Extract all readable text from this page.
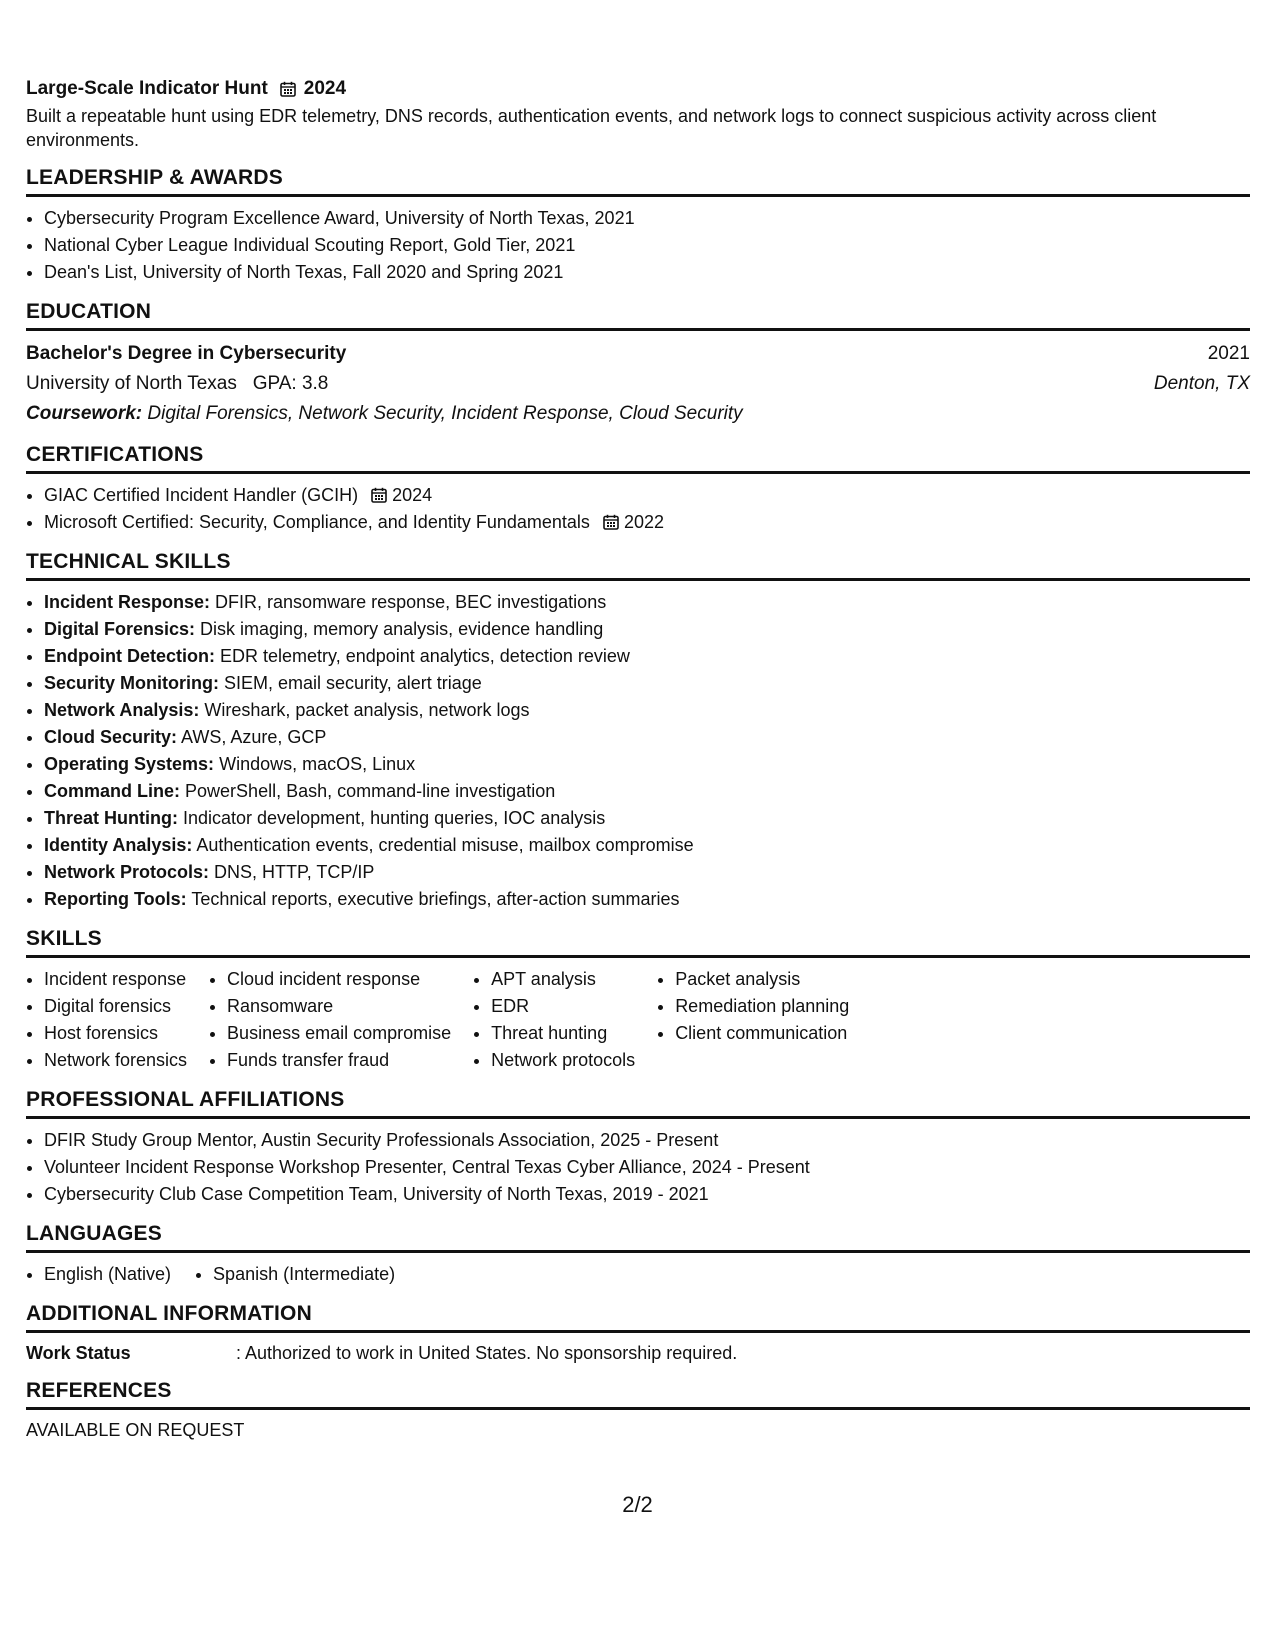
Large-Scale Indicator Hunt 2024
Built a repeatable hunt using EDR telemetry, DNS records, authentication events, and network logs to connect suspicious activity across client environments.
LEADERSHIP & AWARDS
• Cybersecurity Program Excellence Award, University of North Texas, 2021
• National Cyber League Individual Scouting Report, Gold Tier, 2021
• Dean's List, University of North Texas, Fall 2020 and Spring 2021
EDUCATION
Bachelor's Degree in Cybersecurity	2021
University of North Texas GPA: 3.8	Denton, TX
Coursework: Digital Forensics, Network Security, Incident Response, Cloud Security
CERTIFICATIONS
• GIAC Certified Incident Handler (GCIH) 2024
• Microsoft Certified: Security, Compliance, and Identity Fundamentals 2022
TECHNICAL SKILLS
• Incident Response: DFIR, ransomware response, BEC investigations
• Digital Forensics: Disk imaging, memory analysis, evidence handling
• Endpoint Detection: EDR telemetry, endpoint analytics, detection review
• Security Monitoring: SIEM, email security, alert triage
• Network Analysis: Wireshark, packet analysis, network logs
• Cloud Security: AWS, Azure, GCP
• Operating Systems: Windows, macOS, Linux
• Command Line: PowerShell, Bash, command-line investigation
• Threat Hunting: Indicator development, hunting queries, IOC analysis
• Identity Analysis: Authentication events, credential misuse, mailbox compromise
• Network Protocols: DNS, HTTP, TCP/IP
• Reporting Tools: Technical reports, executive briefings, after-action summaries
SKILLS
• Incident response
• Digital forensics
• Host forensics
• Network forensics
• Cloud incident response
• Ransomware
• Business email compromise
• Funds transfer fraud
• APT analysis
• EDR
• Threat hunting
• Network protocols
• Packet analysis
• Remediation planning
• Client communication
PROFESSIONAL AFFILIATIONS
• DFIR Study Group Mentor, Austin Security Professionals Association, 2025 - Present
• Volunteer Incident Response Workshop Presenter, Central Texas Cyber Alliance, 2024 - Present
• Cybersecurity Club Case Competition Team, University of North Texas, 2019 - 2021
LANGUAGES
• English (Native)
• Spanish (Intermediate)
ADDITIONAL INFORMATION
Work Status	: Authorized to work in United States. No sponsorship required.
REFERENCES
AVAILABLE ON REQUEST
2/2
